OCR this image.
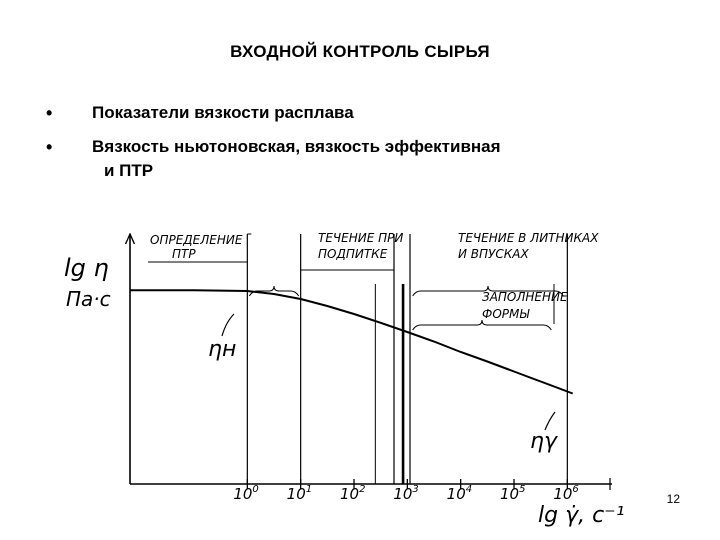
ВХОДНОЙ КОНТРОЛЬ СЫРЬЯ
•	Показатели вязкости расплава
•	Вязкость ньютоновская, вязкость эффективная
и ПТР
lg η
Па·с
lg γ̇, с⁻¹
ОПРЕДЕЛЕНИЕ
ПТР
ТЕЧЕНИЕ ПРИ
ПОДПИТКЕ
ТЕЧЕНИЕ В ЛИТНИКАХ
И ВПУСКАХ
ЗАПОЛНЕНИЕ
ФОРМЫ
ηн
ηγ
$10^0$ $10^1$ $10^2$ $10^3$ $10^4$ $10^5$ $10^6$
12
